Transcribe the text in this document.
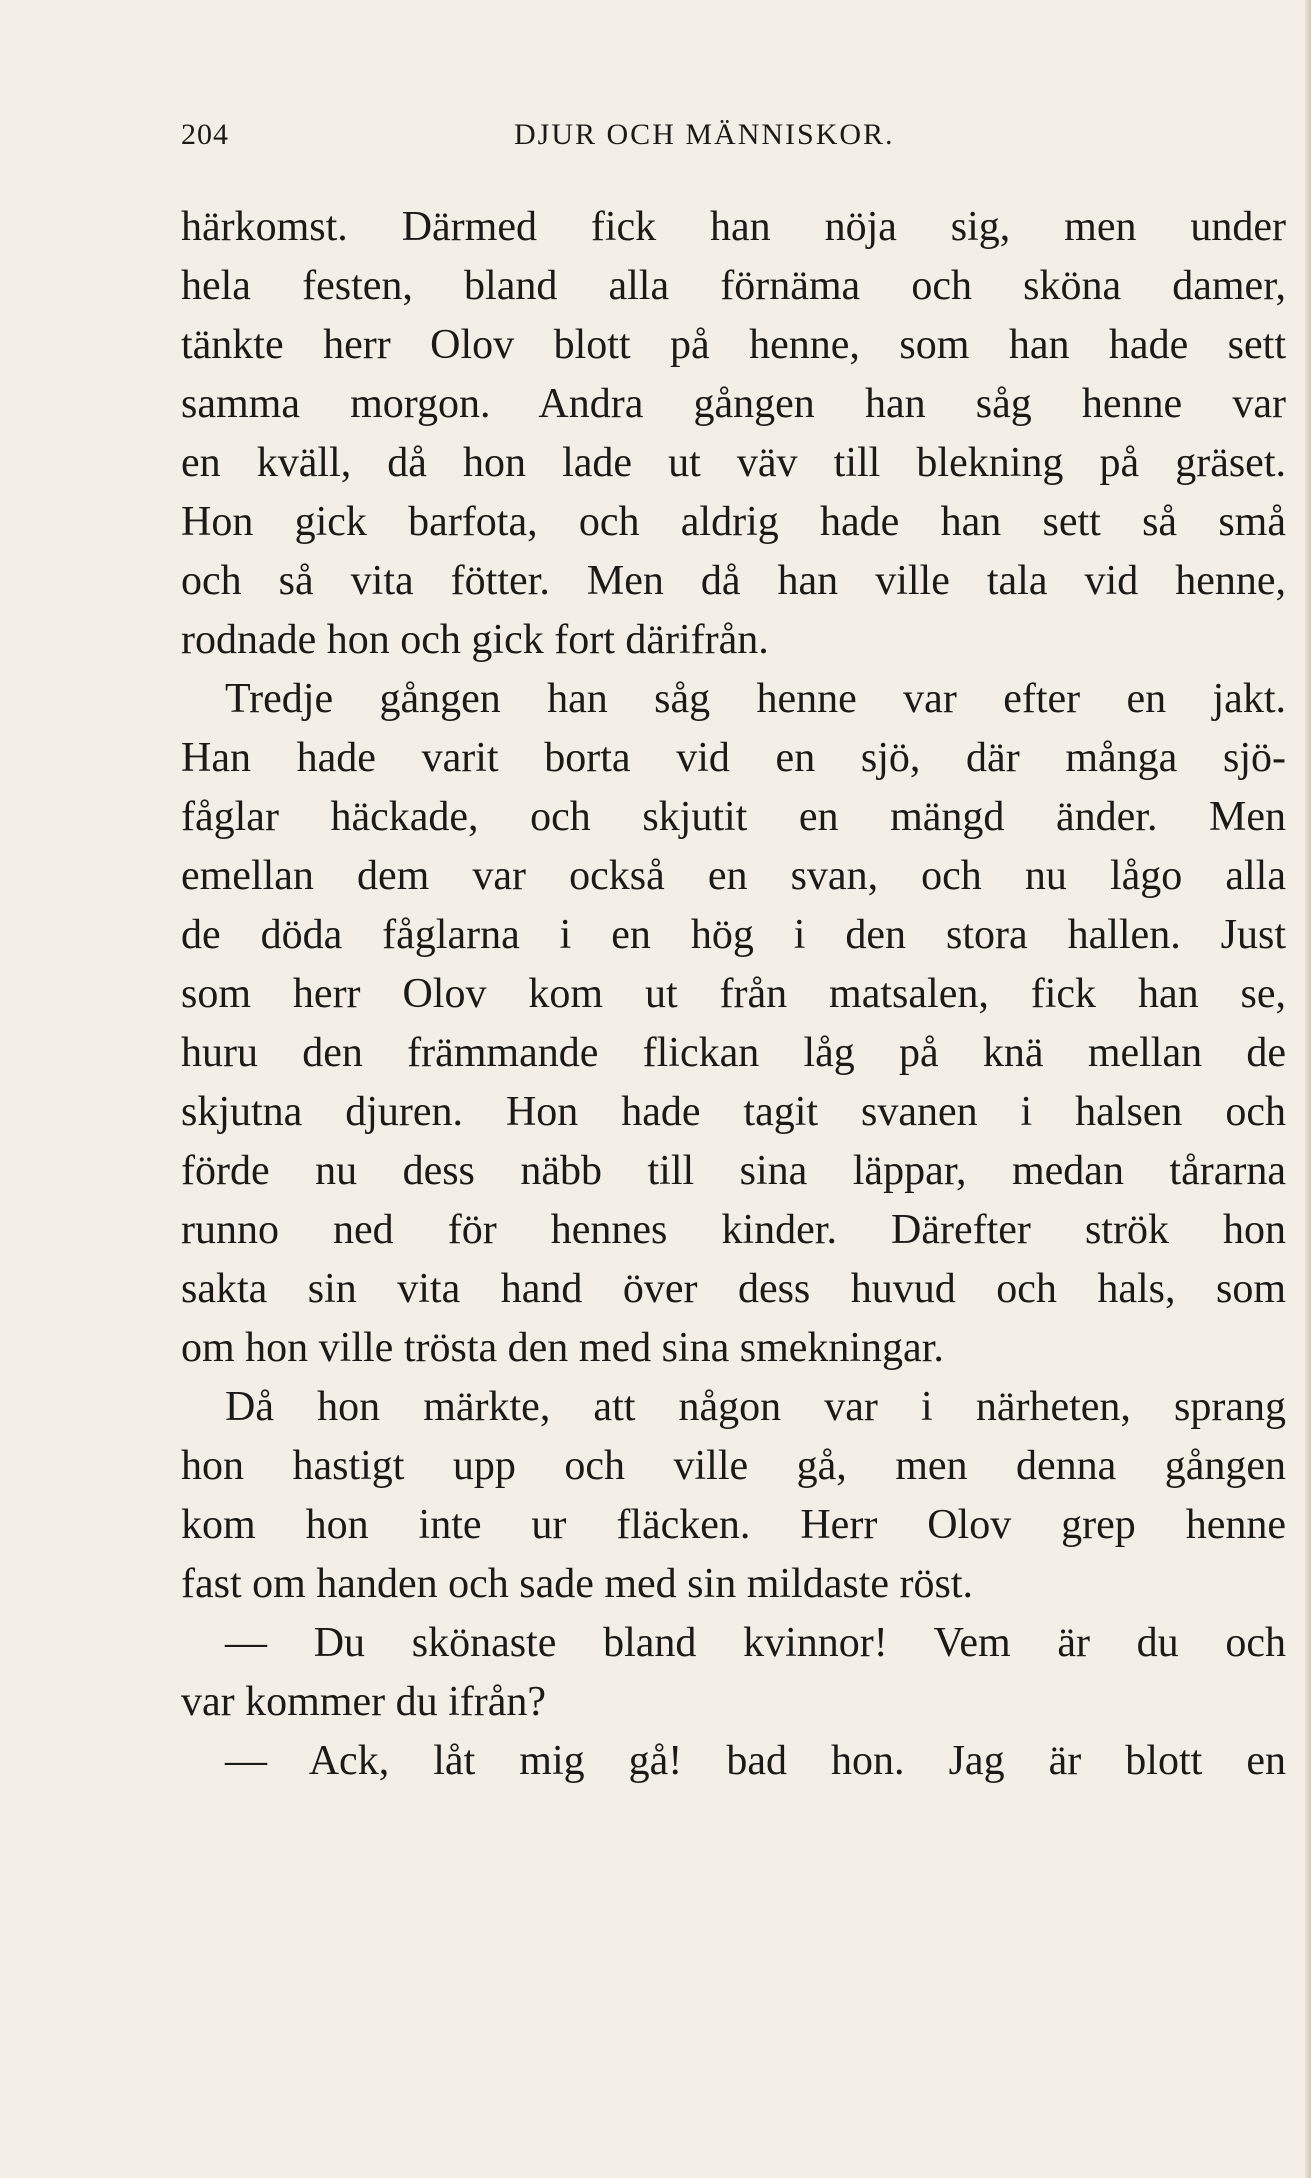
204	DJUR OCH MÄNNISKOR.
härkomst. Därmed fick han nöja sig, men under
hela festen, bland alla förnäma och sköna damer,
tänkte herr Olov blott på henne, som han hade sett
samma morgon. Andra gången han såg henne var
en kväll, då hon lade ut väv till blekning på gräset.
Hon gick barfota, och aldrig hade han sett så små
och så vita fötter. Men då han ville tala vid henne,
rodnade hon och gick fort därifrån.
Tredje gången han såg henne var efter en jakt.
Han hade varit borta vid en sjö, där många sjö-
fåglar häckade, och skjutit en mängd änder. Men
emellan dem var också en svan, och nu lågo alla
de döda fåglarna i en hög i den stora hallen. Just
som herr Olov kom ut från matsalen, fick han se,
huru den främmande flickan låg på knä mellan de
skjutna djuren. Hon hade tagit svanen i halsen och
förde nu dess näbb till sina läppar, medan tårarna
runno ned för hennes kinder. Därefter strök hon
sakta sin vita hand över dess huvud och hals, som
om hon ville trösta den med sina smekningar.
Då hon märkte, att någon var i närheten, sprang
hon hastigt upp och ville gå, men denna gången
kom hon inte ur fläcken. Herr Olov grep henne
fast om handen och sade med sin mildaste röst.
— Du skönaste bland kvinnor! Vem är du och
var kommer du ifrån?
— Ack, låt mig gå! bad hon. Jag är blott en
